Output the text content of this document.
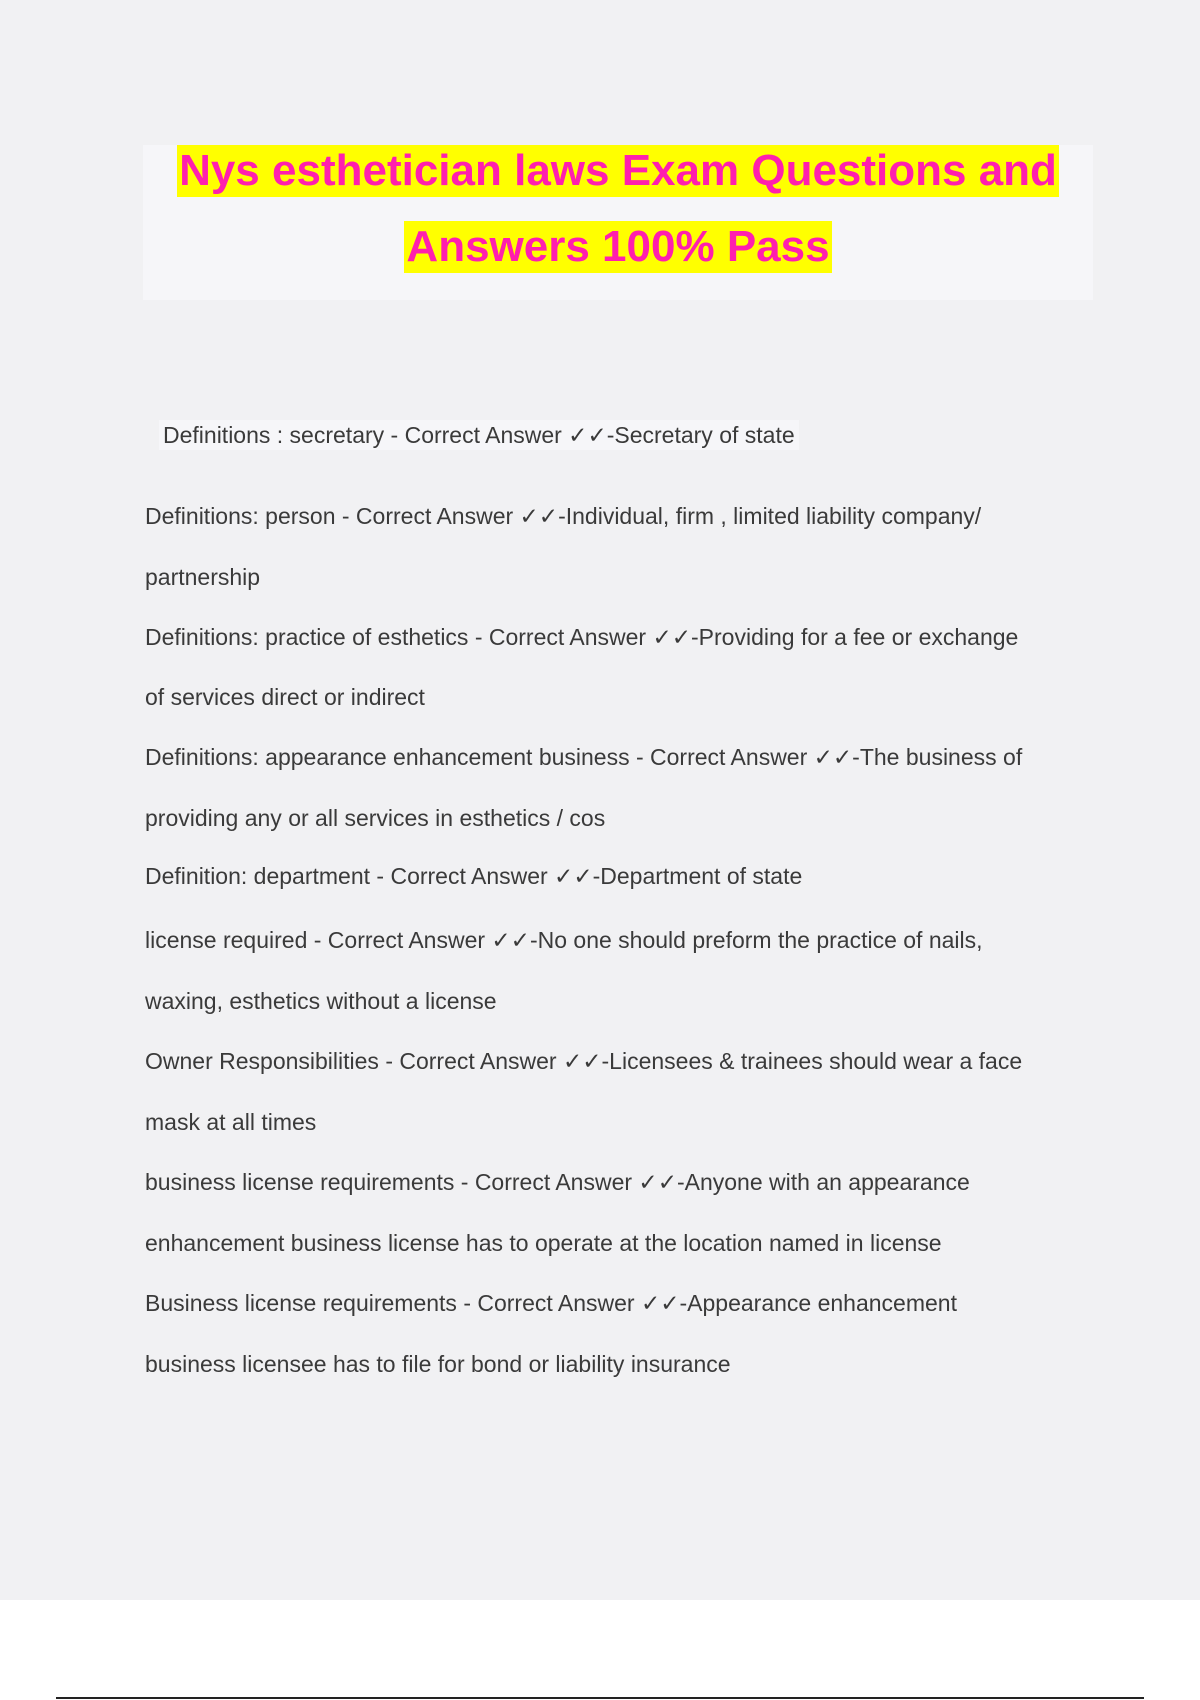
Nys esthetician laws Exam Questions and
Answers 100% Pass
Definitions : secretary - Correct Answer ✓✓-Secretary of state
Definitions: person - Correct Answer ✓✓-Individual, firm , limited liability company/
partnership
Definitions: practice of esthetics - Correct Answer ✓✓-Providing for a fee or exchange
of services direct or indirect
Definitions: appearance enhancement business - Correct Answer ✓✓-The business of
providing any or all services in esthetics / cos
Definition: department - Correct Answer ✓✓-Department of state
license required - Correct Answer ✓✓-No one should preform the practice of nails,
waxing, esthetics without a license
Owner Responsibilities - Correct Answer ✓✓-Licensees & trainees should wear a face
mask at all times
business license requirements - Correct Answer ✓✓-Anyone with an appearance
enhancement business license has to operate at the location named in license
Business license requirements - Correct Answer ✓✓-Appearance enhancement
business licensee has to file for bond or liability insurance
